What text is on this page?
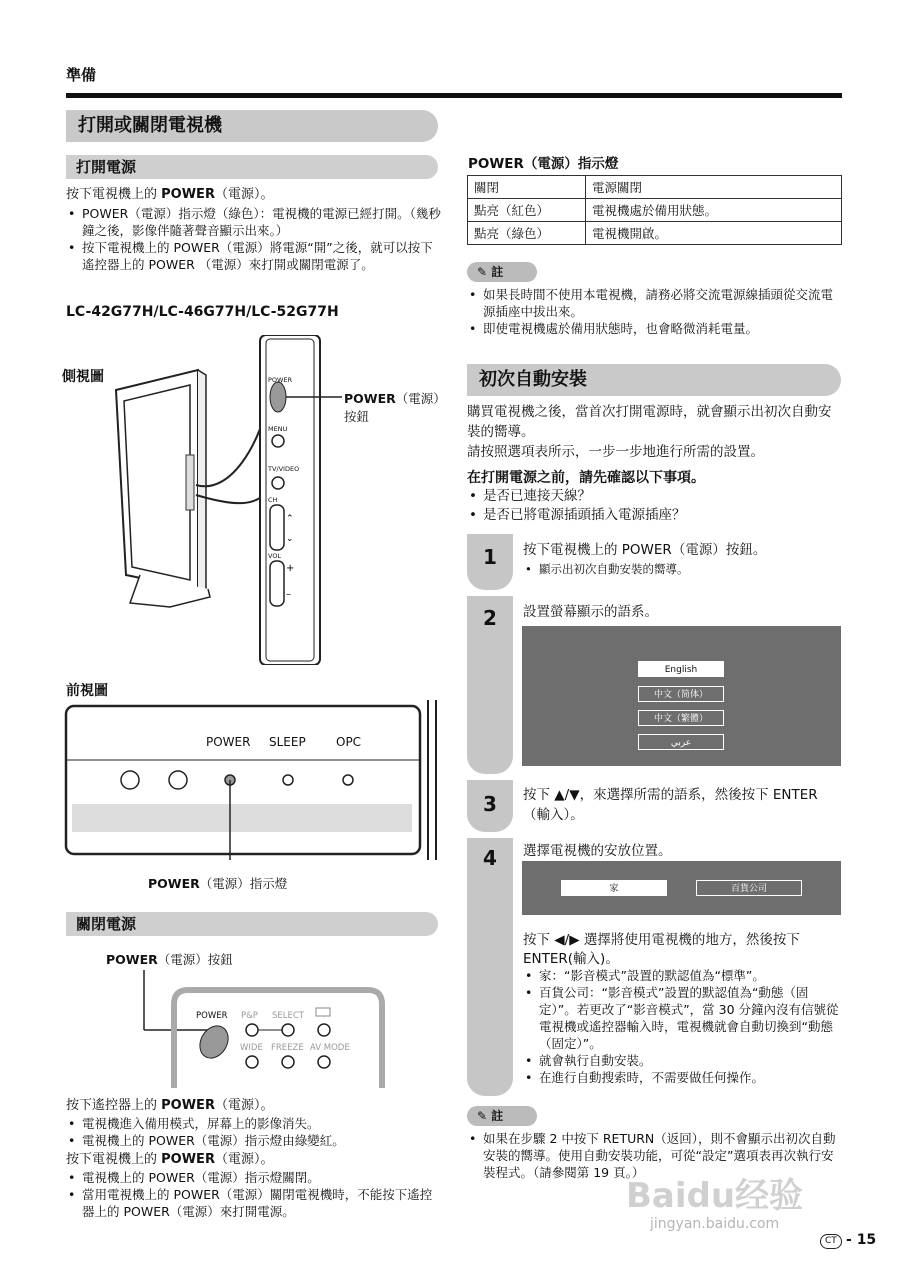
準備
打開或關閉電視機
打開電源
按下電視機上的 POWER（電源）。
• POWER（電源）指示燈（綠色）：電視機的電源已經打開。（幾秒鐘之後，影像伴隨著聲音顯示出來。）
• 按下電視機上的 POWER（電源）將電源“開”之後，就可以按下遙控器上的 POWER （電源）來打開或關閉電源了。
LC-42G77H/LC-46G77H/LC-52G77H
側視圖
⌃
⌄
+
–
POWER
MENU
TV/VIDEO
CH
VOL
POWER（電源）
按鈕
前視圖
POWER SLEEP	OPC
POWER（電源）指示燈
關閉電源
POWER（電源）按鈕
POWER P&P SELECT
WIDE FREEZE AV MODE
按下遙控器上的 POWER（電源）。
• 電視機進入備用模式，屏幕上的影像消失。
• 電視機上的 POWER（電源）指示燈由綠變紅。
按下電視機上的 POWER（電源）。
• 電視機上的 POWER（電源）指示燈關閉。
• 當用電視機上的 POWER（電源）關閉電視機時，不能按下遙控器上的 POWER（電源）來打開電源。
POWER（電源）指示燈
關閉	電源關閉
點亮（紅色）	電視機處於備用狀態。
點亮（綠色）	電視機開啟。
✎ 註
• 如果長時間不使用本電視機，請務必將交流電源線插頭從交流電源插座中拔出來。
• 即使電視機處於備用狀態時，也會略微消耗電量。
初次自動安裝
購買電視機之後，當首次打開電源時，就會顯示出初次自動安裝的嚮導。
請按照選項表所示，一步一步地進行所需的設置。
在打開電源之前，請先確認以下事項。
• 是否已連接天線？
• 是否已將電源插頭插入電源插座？
1	按下電視機上的 POWER（電源）按鈕。
• 顯示出初次自動安裝的嚮導。
2	設置螢幕顯示的語系。
English
中文（简体）
中文（繁體）
عربي
3	按下 ▲/▼，來選擇所需的語系，然後按下 ENTER（輸入）。
4	選擇電視機的安放位置。
家	百貨公司
按下 ◀/▶ 選擇將使用電視機的地方，然後按下ENTER(輸入)。
• 家：“影音模式”設置的默認值為“標準”。
• 百貨公司：“影音模式”設置的默認值為“動態（固定）”。若更改了“影音模式”，當 30 分鐘內沒有信號從電視機或遙控器輸入時，電視機就會自動切換到“動態（固定）”。
• 就會執行自動安裝。
• 在進行自動搜索時，不需要做任何操作。
✎ 註
• 如果在步驟 2 中按下 RETURN（返回），則不會顯示出初次自動安裝的嚮導。使用自動安裝功能，可從“設定”選項表再次執行安裝程式。（請參閱第 19 頁。）
Baidu经验
jingyan.baidu.com
CT - 15
